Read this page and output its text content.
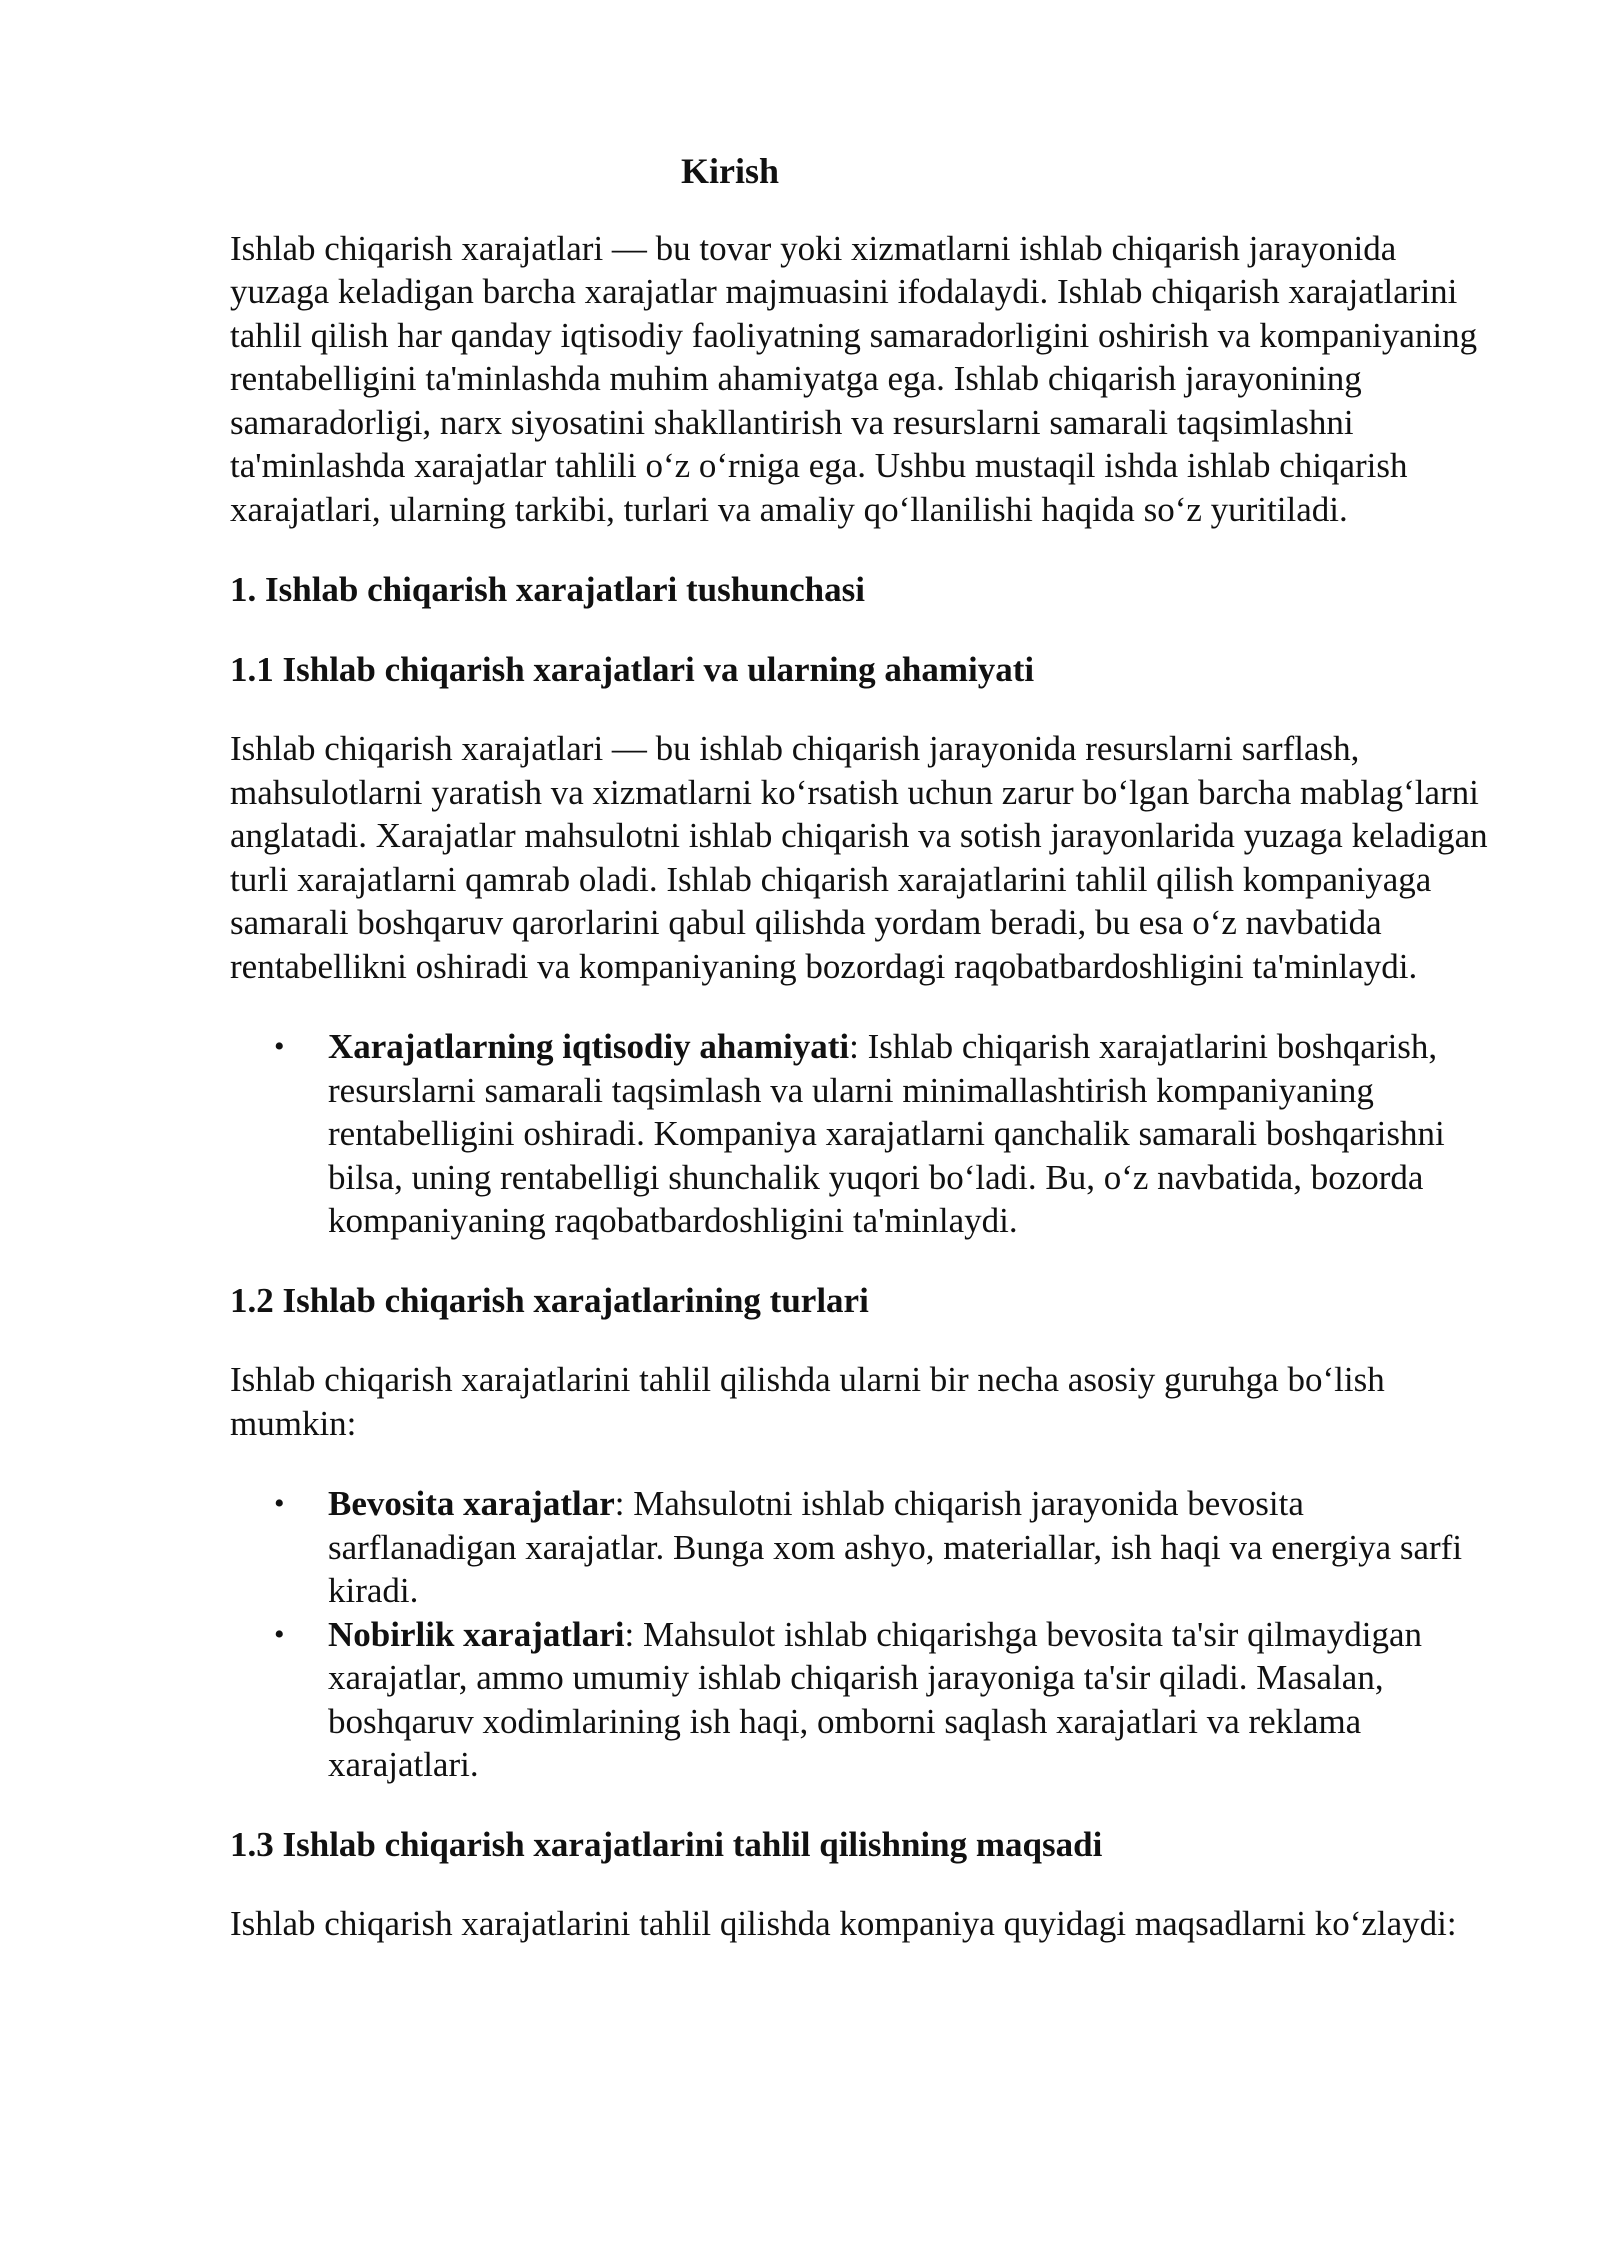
Kirish

Ishlab chiqarish xarajatlari — bu tovar yoki xizmatlarni ishlab chiqarish jarayonida yuzaga keladigan barcha xarajatlar majmuasini ifodalaydi. Ishlab chiqarish xarajatlarini tahlil qilish har qanday iqtisodiy faoliyatning samaradorligini oshirish va kompaniyaning rentabelligini ta'minlashda muhim ahamiyatga ega. Ishlab chiqarish jarayonining samaradorligi, narx siyosatini shakllantirish va resurslarni samarali taqsimlashni ta'minlashda xarajatlar tahlili o‘z o‘rniga ega. Ushbu mustaqil ishda ishlab chiqarish xarajatlari, ularning tarkibi, turlari va amaliy qo‘llanilishi haqida so‘z yuritiladi.

1. Ishlab chiqarish xarajatlari tushunchasi
1.1 Ishlab chiqarish xarajatlari va ularning ahamiyati

Ishlab chiqarish xarajatlari — bu ishlab chiqarish jarayonida resurslarni sarflash, mahsulotlarni yaratish va xizmatlarni ko‘rsatish uchun zarur bo‘lgan barcha mablag‘larni anglatadi. Xarajatlar mahsulotni ishlab chiqarish va sotish jarayonlarida yuzaga keladigan turli xarajatlarni qamrab oladi. Ishlab chiqarish xarajatlarini tahlil qilish kompaniyaga samarali boshqaruv qarorlarini qabul qilishda yordam beradi, bu esa o‘z navbatida rentabellikni oshiradi va kompaniyaning bozordagi raqobatbardoshligini ta'minlaydi.

• Xarajatlarning iqtisodiy ahamiyati: Ishlab chiqarish xarajatlarini boshqarish, resurslarni samarali taqsimlash va ularni minimallashtirish kompaniyaning rentabelligini oshiradi. Kompaniya xarajatlarni qanchalik samarali boshqarishni bilsa, uning rentabelligi shunchalik yuqori bo‘ladi. Bu, o‘z navbatida, bozorda kompaniyaning raqobatbardoshligini ta'minlaydi.
1.2 Ishlab chiqarish xarajatlarining turlari

Ishlab chiqarish xarajatlarini tahlil qilishda ularni bir necha asosiy guruhga bo‘lish mumkin:

• Bevosita xarajatlar: Mahsulotni ishlab chiqarish jarayonida bevosita sarflanadigan xarajatlar. Bunga xom ashyo, materiallar, ish haqi va energiya sarfi kiradi.
• Nobirlik xarajatlari: Mahsulot ishlab chiqarishga bevosita ta'sir qilmaydigan xarajatlar, ammo umumiy ishlab chiqarish jarayoniga ta'sir qiladi. Masalan, boshqaruv xodimlarining ish haqi, omborni saqlash xarajatlari va reklama xarajatlari.
1.3 Ishlab chiqarish xarajatlarini tahlil qilishning maqsadi

Ishlab chiqarish xarajatlarini tahlil qilishda kompaniya quyidagi maqsadlarni ko‘zlaydi:
